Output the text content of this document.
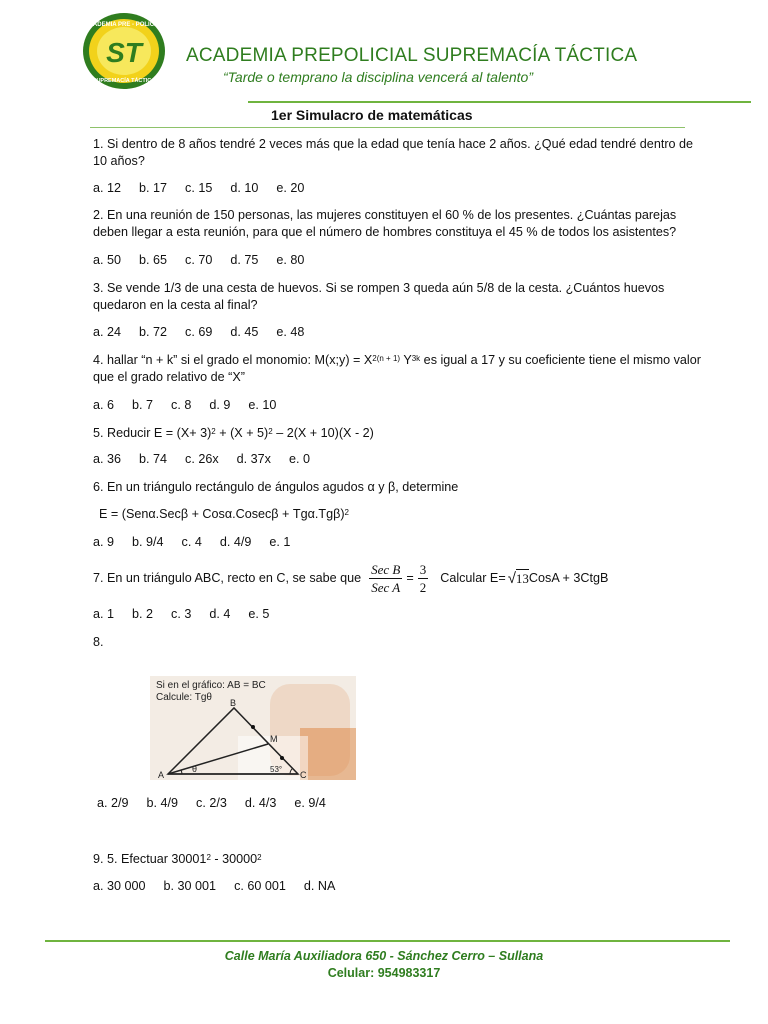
ACADEMIA PRE - POLICIAL
ST
SUPREMACÍA TÁCTICA
ACADEMIA PREPOLICIAL SUPREMACÍA TÁCTICA
“Tarde o temprano la disciplina vencerá al talento”
1er Simulacro de matemáticas
1. Si dentro de 8 años tendré 2 veces más que la edad que tenía hace 2 años. ¿Qué edad tendré dentro de 10 años?
a. 12 b. 17 c. 15 d. 10 e. 20
2. En una reunión de 150 personas, las mujeres constituyen el 60 % de los presentes. ¿Cuántas parejas deben llegar a esta reunión, para que el número de hombres constituya el 45 % de todos los asistentes?
a. 50 b. 65 c. 70 d. 75 e. 80
3. Se vende 1/3 de una cesta de huevos. Si se rompen 3 queda aún 5/8 de la cesta. ¿Cuántos huevos quedaron en la cesta al final?
a. 24 b. 72 c. 69 d. 45 e. 48
4. hallar “n + k” si el grado el monomio: M(x;y) = $X^{2(n + 1)}$ $Y^{3k}$ es igual a 17 y su coeficiente tiene el mismo valor que el grado relativo de “X”
a. 6 b. 7 c. 8 d. 9 e. 10
5. Reducir $E = (X+ 3)^2 + (X + 5)^2 - 2(X + 10)(X - 2)$
a. 36 b. 74 c. 26x d. 37x e. 0
6. En un triángulo rectángulo de ángulos agudos α y β, determine
$E = (Sen\alpha.Sec\beta + Cos\alpha.Cosec\beta + Tg\alpha.Tg\beta)^2$
a. 9 b. 9/4 c. 4 d. 4/9 e. 1
7. En un triángulo ABC, recto en C, se sabe que $\frac{\text{Sec B}}{\text{Sec A}} = \frac{3}{2}$ Calcular E= √ 13 CosA + 3CtgB
a. 1 b. 2 c. 3 d. 4 e. 5
8.
Si en el gráfico: AB = BC
Calcule: Tgθ
A
B
C
M
θ	53°
a. 2/9 b. 4/9 c. 2/3 d. 4/3 e. 9/4
9. 5. Efectuar 30001$^2$ - 30000$^2$
a. 30 000 b. 30 001 c. 60 001 d. NA
Calle María Auxiliadora 650 - Sánchez Cerro – Sullana
Celular: 954983317
